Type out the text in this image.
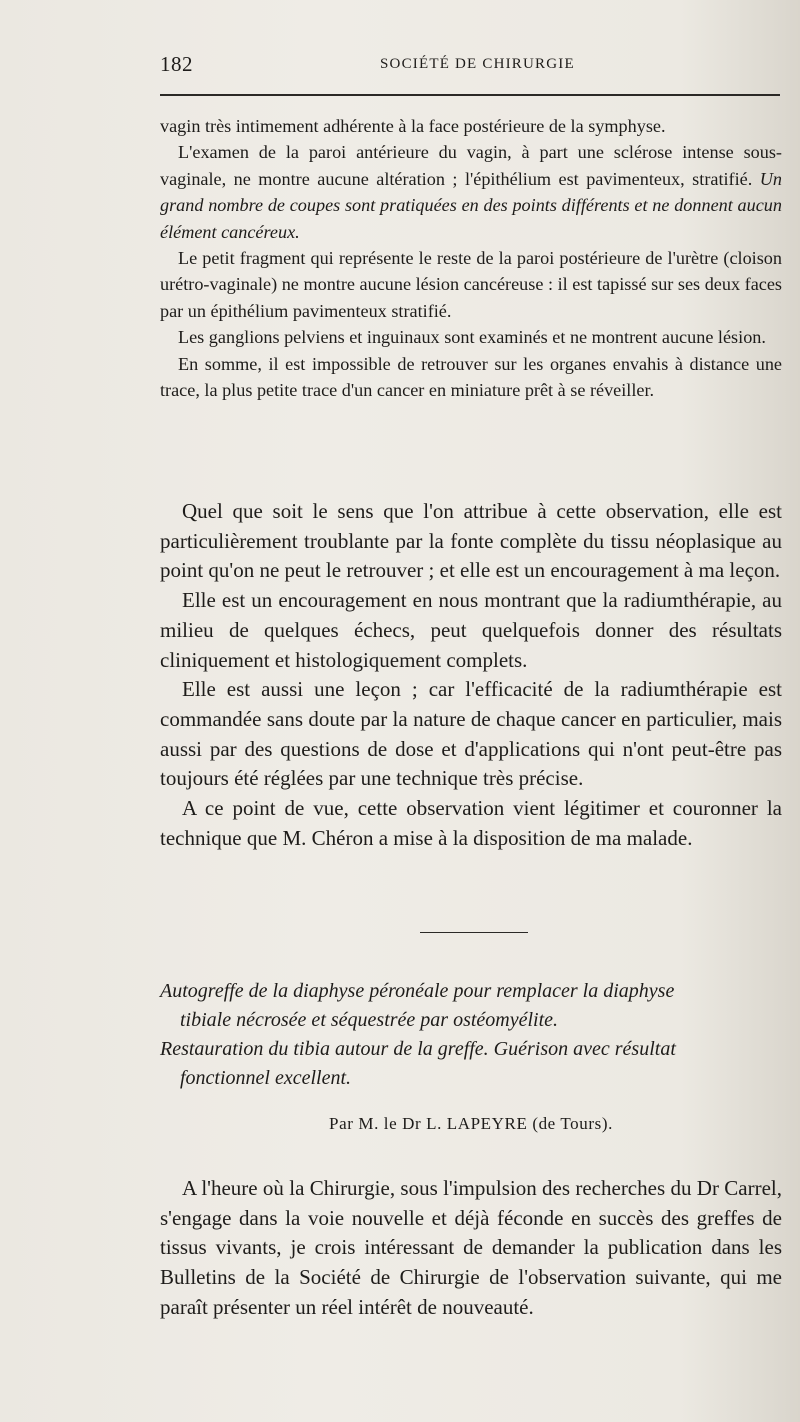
182	SOCIÉTÉ DE CHIRURGIE

vagin très intimement adhérente à la face postérieure de la symphyse.

L'examen de la paroi antérieure du vagin, à part une sclérose intense sous-vaginale, ne montre aucune altération ; l'épithélium est pavimenteux, stratifié. Un grand nombre de coupes sont pratiquées en des points différents et ne donnent aucun élément cancéreux.

Le petit fragment qui représente le reste de la paroi postérieure de l'urètre (cloison urétro-vaginale) ne montre aucune lésion cancéreuse : il est tapissé sur ses deux faces par un épithélium pavimenteux stratifié.

Les ganglions pelviens et inguinaux sont examinés et ne montrent aucune lésion.

En somme, il est impossible de retrouver sur les organes envahis à distance une trace, la plus petite trace d'un cancer en miniature prêt à se réveiller.

Quel que soit le sens que l'on attribue à cette observation, elle est particulièrement troublante par la fonte complète du tissu néoplasique au point qu'on ne peut le retrouver ; et elle est un encouragement à ma leçon.

Elle est un encouragement en nous montrant que la radiumthérapie, au milieu de quelques échecs, peut quelquefois donner des résultats cliniquement et histologiquement complets.

Elle est aussi une leçon ; car l'efficacité de la radiumthérapie est commandée sans doute par la nature de chaque cancer en particulier, mais aussi par des questions de dose et d'applications qui n'ont peut-être pas toujours été réglées par une technique très précise.

A ce point de vue, cette observation vient légitimer et couronner la technique que M. Chéron a mise à la disposition de ma malade.

Autogreffe de la diaphyse péronéale pour remplacer la diaphyse
tibiale nécrosée et séquestrée par ostéomyélite.
Restauration du tibia autour de la greffe. Guérison avec résultat
fonctionnel excellent.
Par M. le Dr L. LAPEYRE (de Tours).

A l'heure où la Chirurgie, sous l'impulsion des recherches du Dr Carrel, s'engage dans la voie nouvelle et déjà féconde en succès des greffes de tissus vivants, je crois intéressant de demander la publication dans les Bulletins de la Société de Chirurgie de l'observation suivante, qui me paraît présenter un réel intérêt de nouveauté.
